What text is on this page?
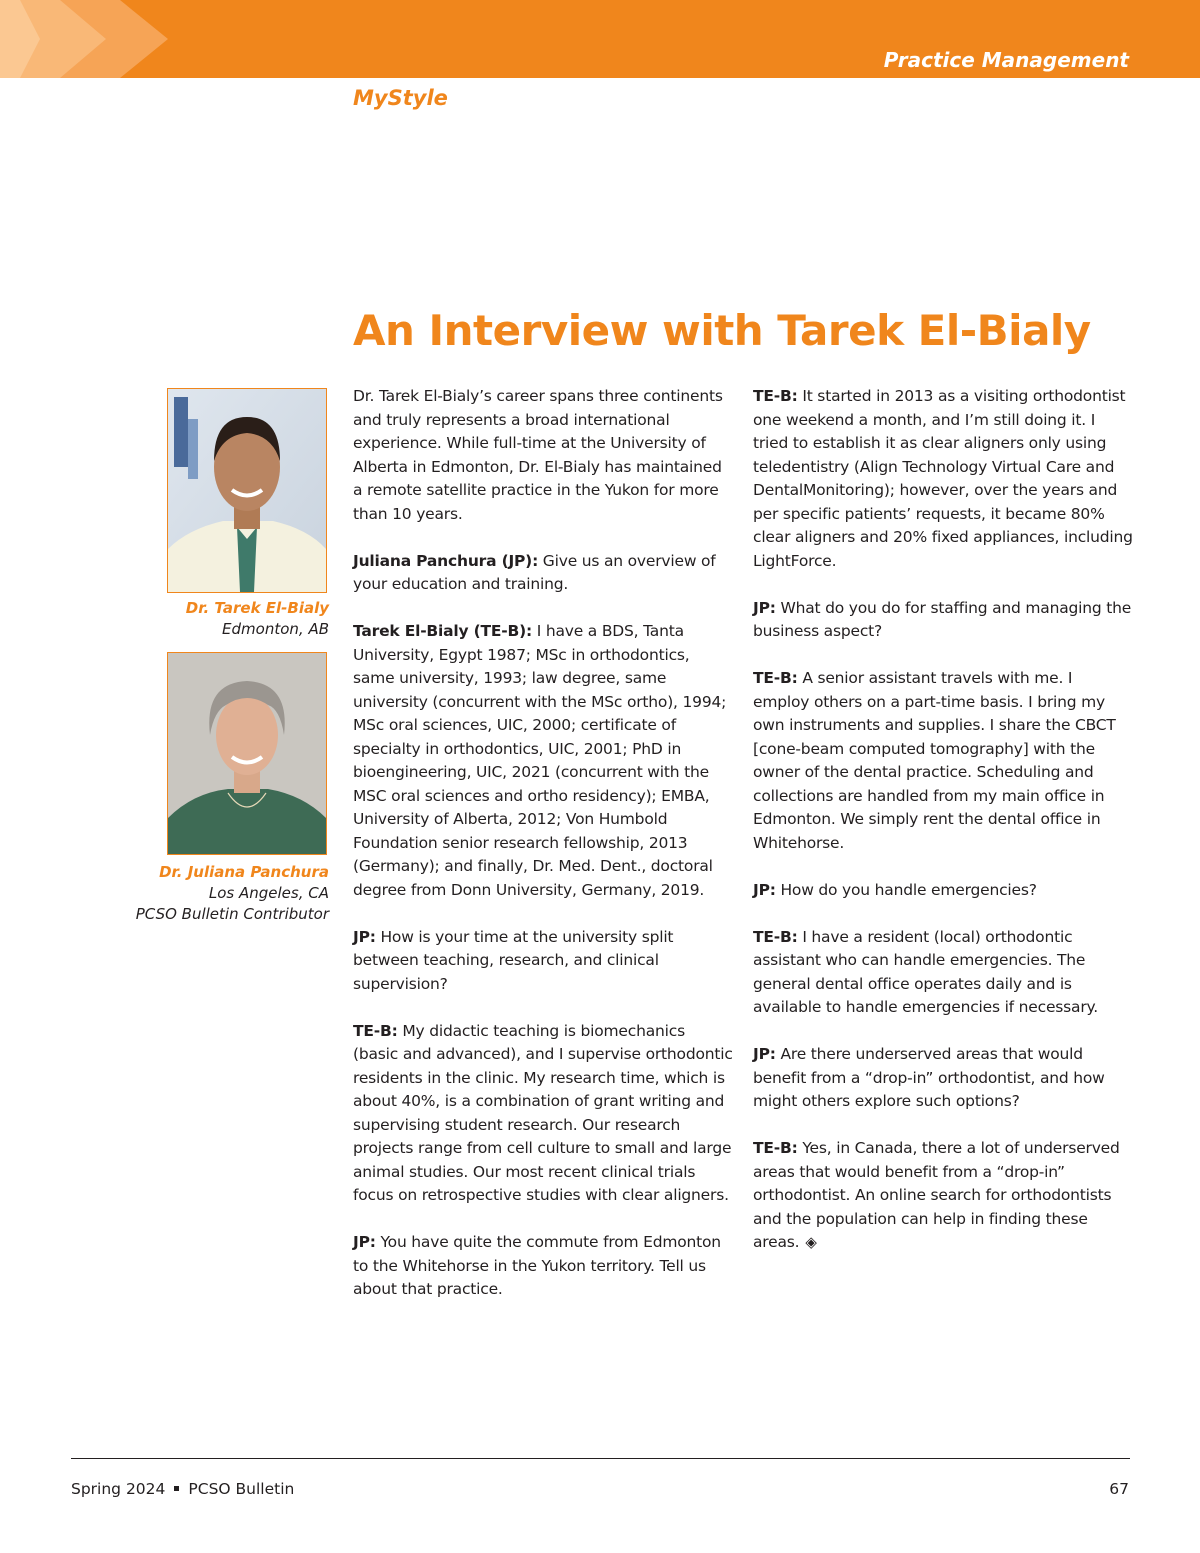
Practice Management
MyStyle
An Interview with Tarek El-Bialy
Dr. Tarek El-Bialy
Edmonton, AB
Dr. Juliana Panchura
Los Angeles, CA
PCSO Bulletin Contributor

Dr. Tarek El-Bialy’s career spans three continents and truly represents a broad international experience. While full-time at the University of Alberta in Edmonton, Dr. El-Bialy has maintained a remote satellite practice in the Yukon for more than 10 years.

Juliana Panchura (JP): Give us an overview of your education and training.

Tarek El-Bialy (TE-B): I have a BDS, Tanta University, Egypt 1987; MSc in orthodontics, same university, 1993; law degree, same university (concurrent with the MSc ortho), 1994; MSc oral sciences, UIC, 2000; certificate of specialty in orthodontics, UIC, 2001; PhD in bioengineering, UIC, 2021 (concurrent with the MSC oral sciences and ortho residency); EMBA, University of Alberta, 2012; Von Humbold Foundation senior research fellowship, 2013 (Germany); and finally, Dr. Med. Dent., doctoral degree from Donn University, Germany, 2019.

JP: How is your time at the university split between teaching, research, and clinical supervision?

TE-B: My didactic teaching is biomechanics (basic and advanced), and I supervise orthodontic residents in the clinic. My research time, which is about 40%, is a combination of grant writing and supervising student research. Our research projects range from cell culture to small and large animal studies. Our most recent clinical trials focus on retrospective studies with clear aligners.

JP: You have quite the commute from Edmonton to the Whitehorse in the Yukon territory. Tell us about that practice.

TE-B: It started in 2013 as a visiting orthodontist one weekend a month, and I’m still doing it. I tried to establish it as clear aligners only using teledentistry (Align Technology Virtual Care and DentalMonitoring); however, over the years and per specific patients’ requests, it became 80% clear aligners and 20% fixed appliances, including LightForce.

JP: What do you do for staffing and managing the business aspect?

TE-B: A senior assistant travels with me. I employ others on a part-time basis. I bring my own instruments and supplies. I share the CBCT [cone-beam computed tomography] with the owner of the dental practice. Scheduling and collections are handled from my main office in Edmonton. We simply rent the dental office in Whitehorse.

JP: How do you handle emergencies?

TE-B: I have a resident (local) orthodontic assistant who can handle emergencies. The general dental office operates daily and is available to handle emergencies if necessary.

JP: Are there underserved areas that would benefit from a “drop-in” orthodontist, and how might others explore such options?

TE-B: Yes, in Canada, there a lot of underserved areas that would benefit from a “drop-in” orthodontist. An online search for orthodontists and the population can help in finding these areas. ◈

Spring 2024 PCSO Bulletin	67
